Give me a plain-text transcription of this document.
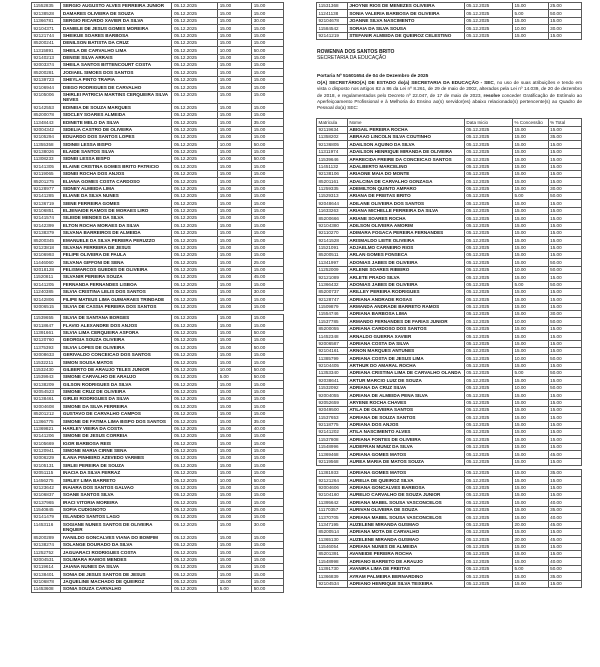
11552835	SERGIO AUGUSTO ALVES FERREIRA JUNIOR	05.12.2025	15.00	15.00
92138528	DAMARES OLIVEIRA DE SOUZA	05.12.2025	15.00	15.00
11366781	SERGIO RICARDO XAVIER DA SILVA	05.12.2025	15.00	30.00
92104371	DANIELE DE JESUS GOMES MOREIRA	05.12.2025	15.00	15.00
92121744	SHEIKUE SOARES BARBOSA	05.12.2025	15.00	15.00
85200241	DENILSON BATISTA DA CRUZ	05.12.2025	15.00	15.00
11315891	SHEILA DE CARVALHO LIMA	05.12.2025	10.00	50.00
92140213	DENISE SILVA ARRAIS	05.12.2025	15.00	15.00
92003374	SHEILA SANTOS BITTENCOURT COSTA	05.12.2025	15.00	15.00
85200281	JODIAEL SIMOES DOS SANTOS	05.12.2025	15.00	15.00
92139723	SHEYLA PINTO TRAPIA	05.12.2025	15.00	15.00
92106944	DIEGO RODRIGUES DE CARVALHO	05.12.2025	15.00	15.00
92105006	SHIRLEI PATRICIA MARTINS CERQUEIRA SILVA NEVES	05.12.2025	15.00	15.00
92142553	EDINEIA DE SOUZA MARQUES	05.12.2025	15.00	15.00
85200078	SIDCLEY SOARES ALMEIDA	05.12.2025	15.00	15.00
11348443	EDINETE MELO DA SILVA	05.12.2025	15.00	35.00
92004342	SIDELIA CASTRO DE OLIVEIRA	05.12.2025	15.00	15.00
92105294	EDUARDO DOS SANTOS LOPES	05.12.2025	15.00	15.00
11355358	SIDINEI LESSA BISPO	05.12.2025	10.00	50.00
92138026	ELAIDE SANTOS SILVA	05.12.2025	15.00	15.00
11308233	SIDNEI LESSA BISPO	05.12.2025	10.00	50.00
92141305	ELAINE CRISTINA GOMES BRITO PATRICIO	05.12.2025	15.00	15.00
92119065	SIDNEI ROCHA DOS ANJOS	05.12.2025	15.00	15.00
85201275	ELIANA GOMES COSTA CARDOSO	05.12.2025	15.00	15.00
92128977	SIDNEY ALMEIDA LIMA	05.12.2025	15.00	15.00
92141285	ELIANE DA SILVA NUNES	05.12.2025	15.00	15.00
92136719	SIENE FERREIRA GOMES	05.12.2025	15.00	15.00
92106851	ELJENAIDE RAMOS DE MORAES LIRO	05.12.2025	15.00	15.00
92141574	SILEIDE MENDES DA SILVA	05.12.2025	15.00	15.00
92142399	ELTON ROCHA MORAES DA SILVA	05.12.2025	15.00	15.00
92138379	SILVANA BARREIROS DE ALMEIDA	05.12.2025	15.00	15.00
85200345	EMANUELE DA SILVA PEREIRA PERUZZO	05.12.2025	15.00	15.00
92123818	SILVANA FERREIRA DE JESUS	05.12.2025	15.00	15.00
92106993	FELIPE OLIVEIRA DE PAULA	05.12.2025	15.00	15.00
11446060	SILVANA GIFFONI DE SENA	05.12.2025	15.00	25.00
92018128	FELISMARCOS GUEDES DE OLIVEIRA	05.12.2025	15.00	15.00
11520811	SILVANIR PEREIRA SOUZA	05.12.2025	15.00	45.00
92141205	FERNANDA FERNANDES LISBOA	05.12.2025	15.00	15.00
11240385	SILVIA CRISTINA LELIS DOS SANTOS	05.12.2025	15.00	30.00
92142806	FILIPE MATEUS LIMA GUIMARAES TRINDADE	05.12.2025	15.00	15.00
92006515	SILVIA DE CASSIA PEREIRA DOS SANTOS	05.12.2025	15.00	15.00
11539655	SILVIA DE SANTANA BORGES	05.12.2025	15.00	15.00
92118647	FLAVIO ALEXANDRE DOS ANJOS	05.12.2025	15.00	15.00
11391661	SILVIA LIMA CERQUEIRA ASFORA	05.12.2025	15.00	50.00
92120760	GEORGIA SOUZA OLIVEIRA	05.12.2025	15.00	15.00
11375393	SILVIA LOPES DE OLIVEIRA	05.12.2025	15.00	50.00
92008633	GERIVALDO CONCEICAO DOS SANTOS	05.12.2025	15.00	15.00
11532211	SIMON SOUSA MATOS	05.12.2025	15.00	15.00
11532430	GILBERTO DE ARAUJO TELES JUNIOR	05.12.2025	10.00	50.00
11539943	SIMONE CARVALHO DE ARAUJO	05.12.2025	5.00	50.00
92138209	GILSON RODRIGUES DA SILVA	05.12.2025	15.00	15.00
92054523	SIMONE CRUZ DE OLIVEIRA	05.12.2025	15.00	15.00
92138461	GIRLEI RODRIGUES DA SILVA	05.12.2025	15.00	15.00
92004608	SIMONE DA SILVA FERREIRA	05.12.2025	15.00	15.00
85201212	GUSTAVO DE CARVALHO CAMPOS	05.12.2025	15.00	15.00
11366775	SIMONE DE FATIMA LIMA BISPO DOS SANTOS	05.12.2025	15.00	35.00
11369821	HARLEY VIEIRA DA COSTA	05.12.2025	15.00	40.00
92141206	SIMONE DE JESUS CORREIA	05.12.2025	15.00	15.00
92105669	IGOR BARBOSA REIS	05.12.2025	15.00	15.00
92120941	SIMONE MARIA CIRNE SENA	05.12.2025	15.00	15.00
92006229	ILANA PINHEIRO AZEVEDO VARMES	05.12.2025	15.00	15.00
92105131	SIRLEI PEREIRA DE SOUZA	05.12.2025	15.00	15.00
92051115	INACIA DA SILVA FERRAZ	05.12.2025	15.00	15.00
11456275	SIRLEY LIMA BARRETO	05.12.2025	10.00	50.00
92123642	INAIARA DOS SANTOS GALVAO	05.12.2025	15.00	15.00
92106837	SOANE SANTOS SILVA	05.12.2025	15.00	15.00
92137965	IRACI VITORIA MOREIRA	05.12.2025	15.00	15.00
11540845	SOFIA CUDIGNOTO	05.12.2025	15.00	25.00
92141479	ISLANDIO SANTOS LAGO	05.12.2025	15.00	15.00
11453116	SOGIANE NUNES SANTOS DE OLIVEIRA ENQUER	05.12.2025	15.00	30.00
85200289	IVANILDO GONCALVES VIANA DO BOMFIM	05.12.2025	15.00	15.00
92138274	SOLANGE DOURADO DA SILVA	05.12.2025	15.00	15.00
11252752	JAGUARACI RODRIGUES COSTA	05.12.2025	15.00	15.00
92004531	SOLIMARA RAMOS MENDES	05.12.2025	15.00	15.00
92119614	JAIANA NUNES DA SILVA	05.12.2025	15.00	15.00
92138401	SONIA DE JESUS SANTOS DE JESUS	05.12.2025	15.00	15.00
92106878	JAQUELINE MACHADO DE QUEIROZ	05.12.2025	15.00	15.00
11453608	SONIA SOUZA CARVALHO	05.12.2025	5.00	50.00
11531368	JHOYNE RIOS DE MENEZES OLIVEIRA	05.12.2025	15.00	25.00
11241138	SONIA VALERIA BARBOSA DE OLIVEIRA	05.12.2025	5.00	50.00
92104678	JOANNE SILVA NASCIMENTO	05.12.2025	15.00	15.00
11584542	SORAIA DA SILVA SOUSA	05.12.2025	10.00	30.00
92141219	STEFANIR ALMEIDA DE QUEIROZ CELESTINO	05.12.2025	15.00	15.00
ROWENNA DOS SANTOS BRITO
SECRETARIA DA EDUCAÇÃO
Portaria Nº 51601654 de 04 de Dezembro de 2025
O(A) SECRETÁRIO(A) DE ESTADO do(a) SECRETARIA DA EDUCAÇÃO - SEC, no uso de suas atribuições e tendo em vista o disposto nos artigos 82 a 86 da Lei nº 8.261, de 29 de maio de 2002, alterados pela Lei nº 14.039, de 20 de dezembro de 2018, e regulamentados pelo Decreto nº 22.047, de 17 de maio de 2023, resolve conceder Gratificação de Estímulo ao Aperfeiçoamento Profissional e à Melhoria do Ensino ao(s) servidor(es) abaixo relacionado(s) pertencente(s) ao Quadro de Pessoal do(a) SEC:
Matricula	Nome	Data Inicio	% Concessão	% Total
92119634	ABIGAIL PEREIRA ROCHA	05.12.2025	15.00	15.00
11358202	ABRAAO LINCOLN SILVA COUTINHO	05.12.2025	15.00	35.00
92136805	ADAILSON AQUINO DA SILVA	05.12.2025	15.00	15.00
11311974	ADAILSON HENRIQUE MIRANDA DE OLIVEIRA	05.12.2025	15.00	15.00
11539646	APARECIDA FREIRE DA CONCEICAO SANTOS	05.12.2025	15.00	15.00
11451132	ADALBERTO MARCELINO	05.12.2025	15.00	15.00
92138106	ARIAONE MAIA DO MONTE	05.12.2025	15.00	15.00
85201161	ADALCINA DE CARVALHO GONZAGA	05.12.2025	15.00	15.00
11259335	ADEMILTON QUINTO AMPARO	05.12.2025	15.00	30.00
11529313	ARIANA DE FREITAS BRITO	05.12.2025	5.00	50.00
92048644	ADILANE OLIVEIRA DOS SANTOS	05.12.2025	15.00	15.00
11633263	ARIANA MICHELLE FERREIRA DA SILVA	05.12.2025	15.00	15.00
85200666	ARIANE SOARES ROCHA	05.12.2025	15.00	15.00
92104380	ADILSON OLIVEIRA AMORIM	05.12.2025	15.00	15.00
92110270	ADIMARA FOGACA PEREIRA FERNANDES	05.12.2025	15.00	15.00
92141528	ARISMALDO LEITE OLIVEIRA	05.12.2025	15.00	15.00
11521091	ADJAELMO CARNEIRO RIOS	05.12.2025	15.00	15.00
85200511	ARLAN GOMES FONSECA	05.12.2025	15.00	15.00
11341997	ADONIAS JABES DE OLIVEIRA	05.12.2025	15.00	50.00
11252009	ARLENE SOARES RIBEIRO	05.12.2025	10.00	50.00
92121089	ARLETE PRADO SILVA	05.12.2025	15.00	15.00
11366432	ADONIAS JABES DE OLIVEIRA	05.12.2025	5.00	50.00
85200737	ARILLEY PEREIRA RODRIGUES	05.12.2025	15.00	15.00
92128747	ADRIANA ANDRADE ROSAS	05.12.2025	15.00	15.00
11509879	ARMANDA ANDRADE BARRETO RAMOS	05.12.2025	15.00	15.00
11554746	ADRIANA BARBOSA LIMA	05.12.2025	15.00	30.00
11537785	ARMANDO FERNANDES DE FARIAS JUNIOR	05.12.2025	10.00	50.00
85200055	ADRIANA CARDOSO DOS SANTOS	05.12.2025	15.00	15.00
11452348	ARNALDO GUERRA XAVIER	05.12.2025	15.00	15.00
92006587	ADRIANA COSTA DA SILVA	05.12.2025	15.00	15.00
92104161	ARNON MARQUES ANTUNES	05.12.2025	15.00	15.00
11385799	ADRIANA COSTA DE JESUS LIMA	05.12.2025	10.00	50.00
92104405	ARTHUR DO AMARAL ROCHA	05.12.2025	15.00	15.00
11353340	ADRIANA CRISTINA LIMA DE CARVALHO OLANDA	05.12.2025	5.00	50.00
92038641	ARTUR MARCIO LUIZ DE SOUZA	05.12.2025	15.00	15.00
11532092	ADRIANA DA CRUZ SILVA	05.12.2025	10.00	50.00
92004055	ADRIANA DE ALMEIDA PENA SILVA	05.12.2025	15.00	15.00
92052659	ARYENE ROCHA CHAVES	05.12.2025	15.00	15.00
92049500	ATILA DE OLIVEIRA SANTOS	05.12.2025	15.00	15.00
11537653	ADRIANA DE SOUZA SANTOS	05.12.2025	15.00	15.00
92118775	ADRIANA DOS ANJOS	05.12.2025	15.00	15.00
92141202	ATILA NASCIMENTO ALVES	05.12.2025	15.00	15.00
11537808	ADRIANA FONTES DE OLIVEIRA	05.12.2025	15.00	15.00
11548996	AUDEFRAN MUNIZ DA SILVA	05.12.2025	15.00	15.00
11369468	ADRIANA GOMES MATOS	05.12.2025	15.00	45.00
92119568	AUREA MARIA DE MATOS SOUZA	05.12.2025	15.00	15.00
11381933	ADRIANA GOMES MATOS	05.12.2025	15.00	35.00
92121264	AURELIA DE QUEIROZ SILVA	05.12.2025	15.00	15.00
92004606	ADRIANA GONCALVES BARBOSA	05.12.2025	15.00	15.00
92104160	AURELIO CARVALHO DE SOUZA JUNIOR	05.12.2025	15.00	15.00
11395642	ADRIANA MABEL SOUSA VASCONCELOS	05.12.2025	15.00	40.00
11170357	AURIVAN OLIVEIRA DE SOUZA	05.12.2025	15.00	35.00
11370705	ADRIANA MABEL SOUSA VASCONCELOS	05.12.2025	15.00	40.00
11347195	AUZELENE MIRANDA GUSMAO	05.12.2025	20.00	45.00
85200514	ADRIANA MOTA DE CARVALHO	05.12.2025	15.00	15.00
11365130	AUZELENE MIRANDA GUSMAO	05.12.2025	20.00	45.00
11546054	ADRIANA NUNES DE ALMEIDA	05.12.2025	15.00	15.00
85201391	AVANEIDE PEREIRA ROCHA	05.12.2025	15.00	15.00
11548998	ADRIANO BARRETO DE ARAUJO	05.12.2025	15.00	40.00
11391730	AVANIRA LIMA DE FREITAS	05.12.2025	5.00	50.00
11366839	AYRAM PALMEIRA BERNARDINO	05.12.2025	15.00	35.00
92104534	ADRIANO HENRIQUE SILVA TEIXEIRA	05.12.2025	15.00	15.00
